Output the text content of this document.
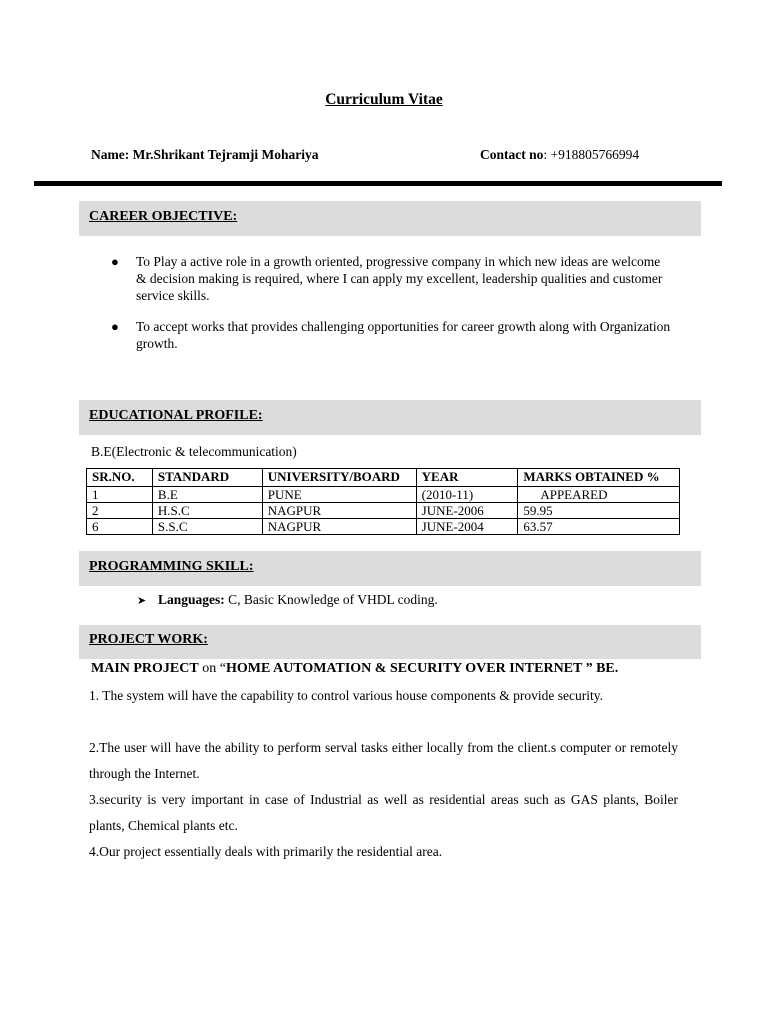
Curriculum Vitae
Name: Mr.Shrikant Tejramji Mohariya	Contact no: +918805766994
CAREER OBJECTIVE:
● To Play a active role in a growth oriented, progressive company in which new ideas are welcome & decision making is required, where I can apply my excellent, leadership qualities and customer service skills.
● To accept works that provides challenging opportunities for career growth along with Organization growth.
EDUCATIONAL PROFILE:
B.E(Electronic & telecommunication)
SR.NO.	STANDARD	UNIVERSITY/BOARD	YEAR	MARKS OBTAINED %
1	B.E	PUNE	(2010-11)	APPEARED
2	H.S.C	NAGPUR	JUNE-2006	59.95
6	S.S.C	NAGPUR	JUNE-2004	63.57
PROGRAMMING SKILL:
➤ Languages: C, Basic Knowledge of VHDL coding.
PROJECT WORK:
MAIN PROJECT on “HOME AUTOMATION & SECURITY OVER INTERNET ” BE.
1. The system will have the capability to control various house components & provide security.
2.The user will have the ability to perform serval tasks either locally from the client.s computer or remotely through the Internet.
3.security is very important in case of Industrial as well as residential areas such as GAS plants, Boiler plants, Chemical plants etc.
4.Our project essentially deals with primarily the residential area.
